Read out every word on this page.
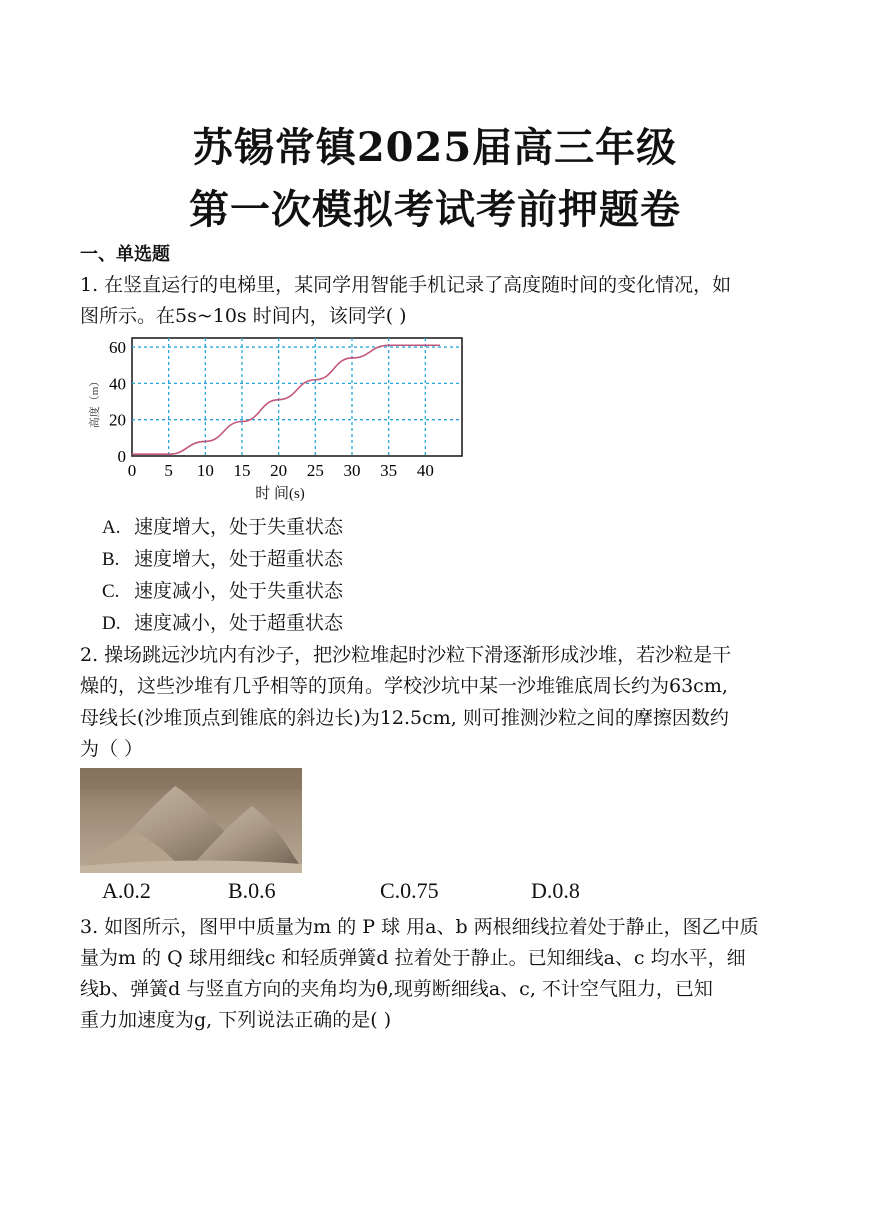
苏锡常镇2025届高三年级
第一次模拟考试考前押题卷
一、单选题
1. 在竖直运行的电梯里，某同学用智能手机记录了高度随时间的变化情况，如
图所示。在5s~10s 时间内，该同学( )
0 5 10 15 20 25 30 35 40
0
20
40
60
高度（m）
时 间(s)
A. 速度增大，处于失重状态
B. 速度增大，处于超重状态
C. 速度减小，处于失重状态
D. 速度减小，处于超重状态
2. 操场跳远沙坑内有沙子，把沙粒堆起时沙粒下滑逐渐形成沙堆，若沙粒是干
燥的，这些沙堆有几乎相等的顶角。学校沙坑中某一沙堆锥底周长约为63cm,
母线长(沙堆顶点到锥底的斜边长)为12.5cm, 则可推测沙粒之间的摩擦因数约
为（ ）
A.0.2	B.0.6	C.0.75	D.0.8
3. 如图所示，图甲中质量为m 的 P 球 用a、b 两根细线拉着处于静止，图乙中质
量为m 的 Q 球用细线c 和轻质弹簧d 拉着处于静止。已知细线a、c 均水平，细
线b、弹簧d 与竖直方向的夹角均为θ,现剪断细线a、c, 不计空气阻力，已知
重力加速度为g, 下列说法正确的是( )
